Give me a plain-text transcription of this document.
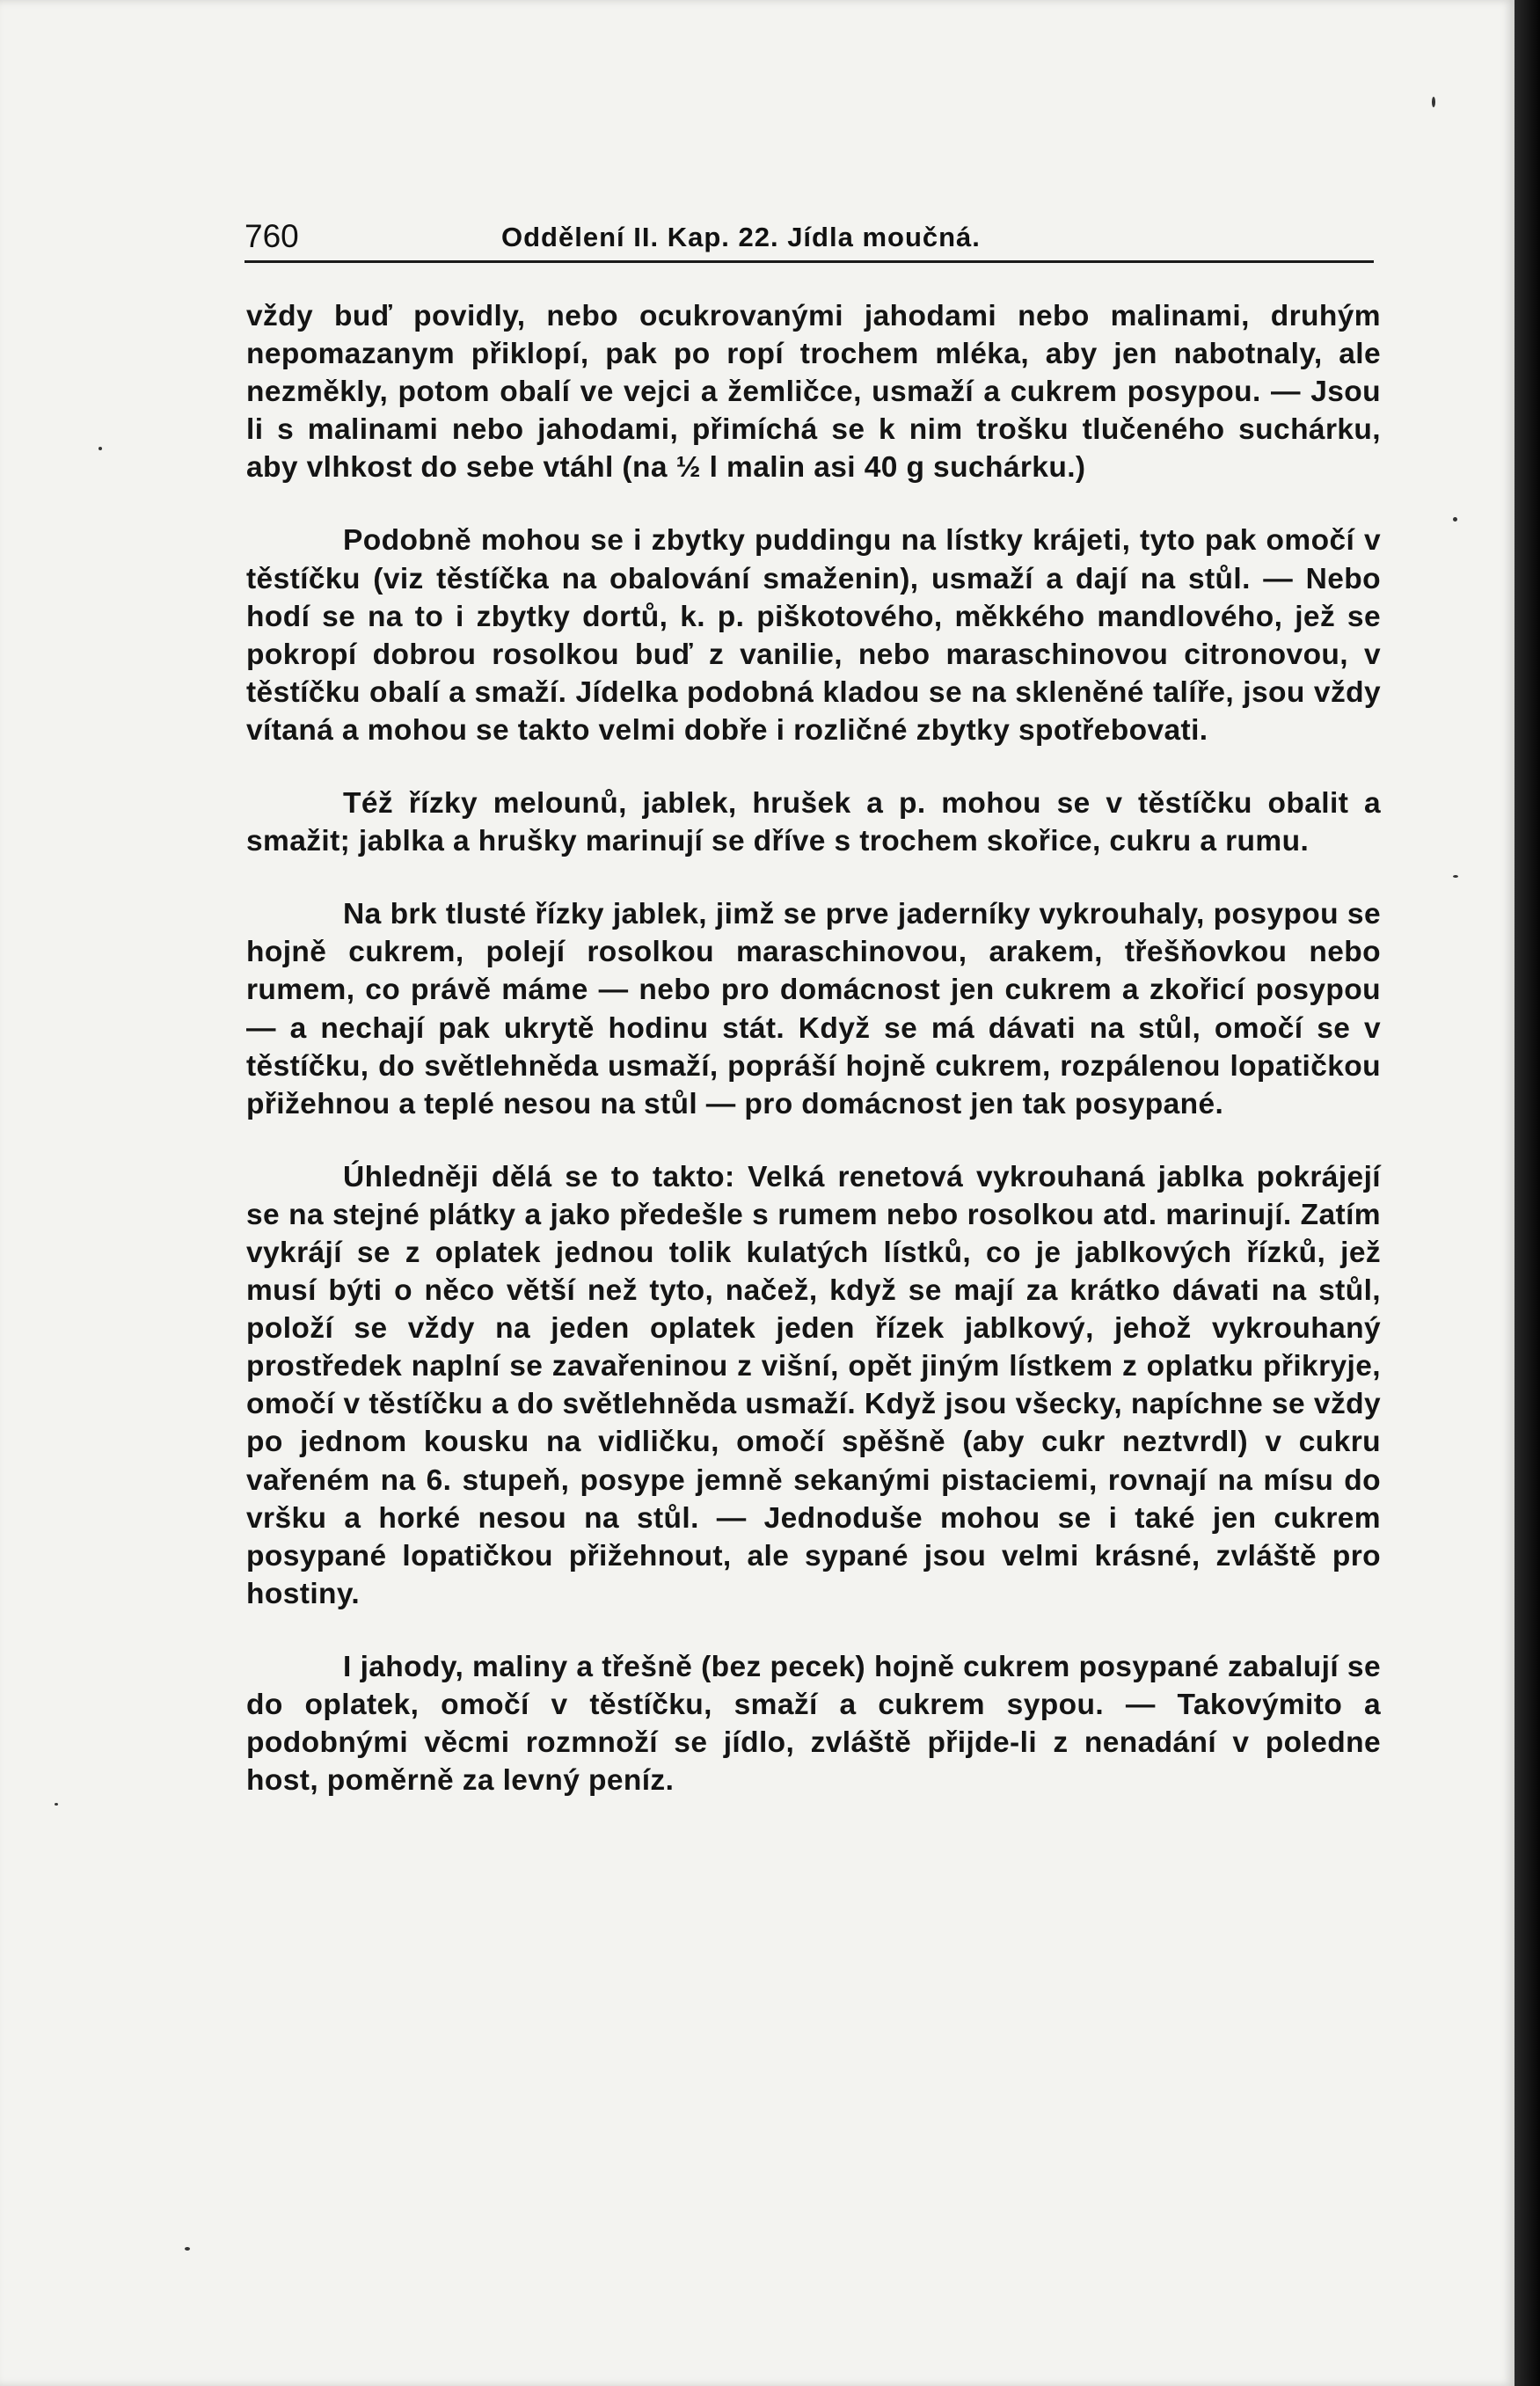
760	Oddělení II. Kap. 22. Jídla moučná.

vždy buď povidly, nebo ocukrovanými jahodami nebo malinami, druhým nepomazanym přiklopí, pak po ropí trochem mléka, aby jen nabotnaly, ale nezměkly, potom obalí ve vejci a žemličce, usmaží a cukrem posypou. — Jsou li s malinami nebo jahodami, přimíchá se k nim trošku tlučeného suchárku, aby vlhkost do sebe vtáhl (na ½ l malin asi 40 g suchárku.)

Podobně mohou se i zbytky puddingu na lístky krájeti, tyto pak omočí v těstíčku (viz těstíčka na obalování smaženin), usmaží a dají na stůl. — Nebo hodí se na to i zbytky dortů, k. p. piškotového, měkkého mandlového, jež se pokropí dobrou rosolkou buď z vanilie, nebo maraschinovou citronovou, v těstíčku obalí a smaží. Jídelka podobná kladou se na skleněné talíře, jsou vždy vítaná a mohou se takto velmi dobře i rozličné zbytky spotřebovati.

Též řízky melounů, jablek, hrušek a p. mohou se v těstíčku obalit a smažit; jablka a hrušky marinují se dříve s trochem skořice, cukru a rumu.

Na brk tlusté řízky jablek, jimž se prve jaderníky vykrouhaly, posypou se hojně cukrem, polejí rosolkou maraschinovou, arakem, třešňovkou nebo rumem, co právě máme — nebo pro domácnost jen cukrem a zkořicí posypou — a nechají pak ukrytě hodinu stát. Když se má dávati na stůl, omočí se v těstíčku, do světlehněda usmaží, popráší hojně cukrem, rozpálenou lopatičkou přižehnou a teplé nesou na stůl — pro domácnost jen tak posypané.

Úhledněji dělá se to takto: Velká renetová vykrouhaná jablka pokrájejí se na stejné plátky a jako předešle s rumem nebo rosolkou atd. marinují. Zatím vykrájí se z oplatek jednou tolik kulatých lístků, co je jablkových řízků, jež musí býti o něco větší než tyto, načež, když se mají za krátko dávati na stůl, položí se vždy na jeden oplatek jeden řízek jablkový, jehož vykrouhaný prostředek naplní se zavařeninou z višní, opět jiným lístkem z oplatku přikryje, omočí v těstíčku a do světlehněda usmaží. Když jsou všecky, napíchne se vždy po jednom kousku na vidličku, omočí spěšně (aby cukr neztvrdl) v cukru vařeném na 6. stupeň, posype jemně sekanými pistaciemi, rovnají na mísu do vršku a horké nesou na stůl. — Jednoduše mohou se i také jen cukrem posypané lopatičkou přižehnout, ale sypané jsou velmi krásné, zvláště pro hostiny.

I jahody, maliny a třešně (bez pecek) hojně cukrem posypané zabalují se do oplatek, omočí v těstíčku, smaží a cukrem sypou. — Takovýmito a podobnými věcmi rozmnoží se jídlo, zvláště přijde-li z nenadání v poledne host, poměrně za levný peníz.
